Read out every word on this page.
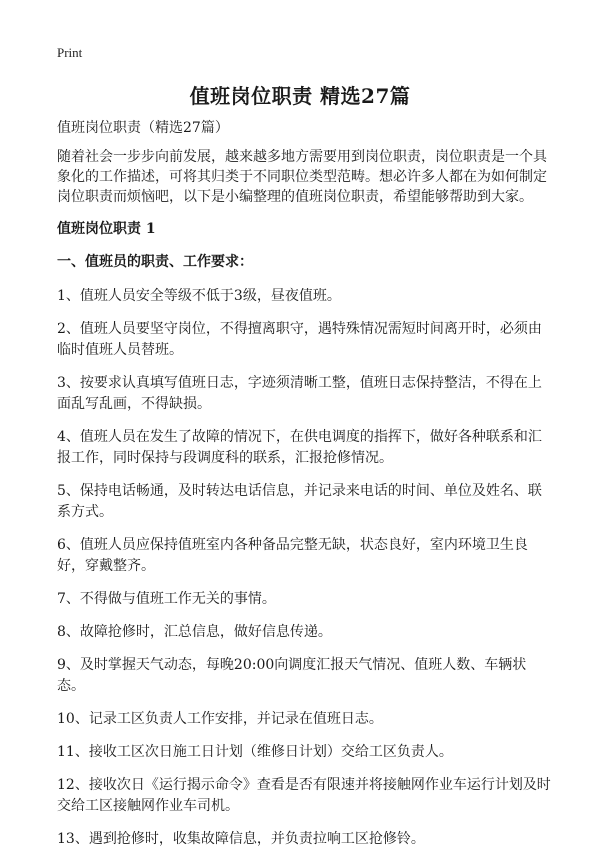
Print
值班岗位职责 精选27篇

值班岗位职责（精选27篇）

随着社会一步步向前发展，越来越多地方需要用到岗位职责，岗位职责是一个具象化的工作描述，可将其归类于不同职位类型范畴。想必许多人都在为如何制定岗位职责而烦恼吧，以下是小编整理的值班岗位职责，希望能够帮助到大家。

值班岗位职责 1

一、值班员的职责、工作要求：

1、值班人员安全等级不低于3级，昼夜值班。
2、值班人员要坚守岗位，不得擅离职守，遇特殊情况需短时间离开时，必须由临时值班人员替班。
3、按要求认真填写值班日志，字迹须清晰工整，值班日志保持整洁，不得在上面乱写乱画，不得缺损。
4、值班人员在发生了故障的情况下，在供电调度的指挥下，做好各种联系和汇报工作，同时保持与段调度科的联系，汇报抢修情况。
5、保持电话畅通，及时转达电话信息，并记录来电话的时间、单位及姓名、联系方式。
6、值班人员应保持值班室内各种备品完整无缺，状态良好，室内环境卫生良好，穿戴整齐。
7、不得做与值班工作无关的事情。
8、故障抢修时，汇总信息，做好信息传递。
9、及时掌握天气动态，每晚20:00向调度汇报天气情况、值班人数、车辆状态。
10、记录工区负责人工作安排，并记录在值班日志。
11、接收工区次日施工日计划（维修日计划）交给工区负责人。
12、接收次日《运行揭示命令》查看是否有限速并将接触网作业车运行计划及时交给工区接触网作业车司机。
13、遇到抢修时，收集故障信息，并负责拉响工区抢修铃。
